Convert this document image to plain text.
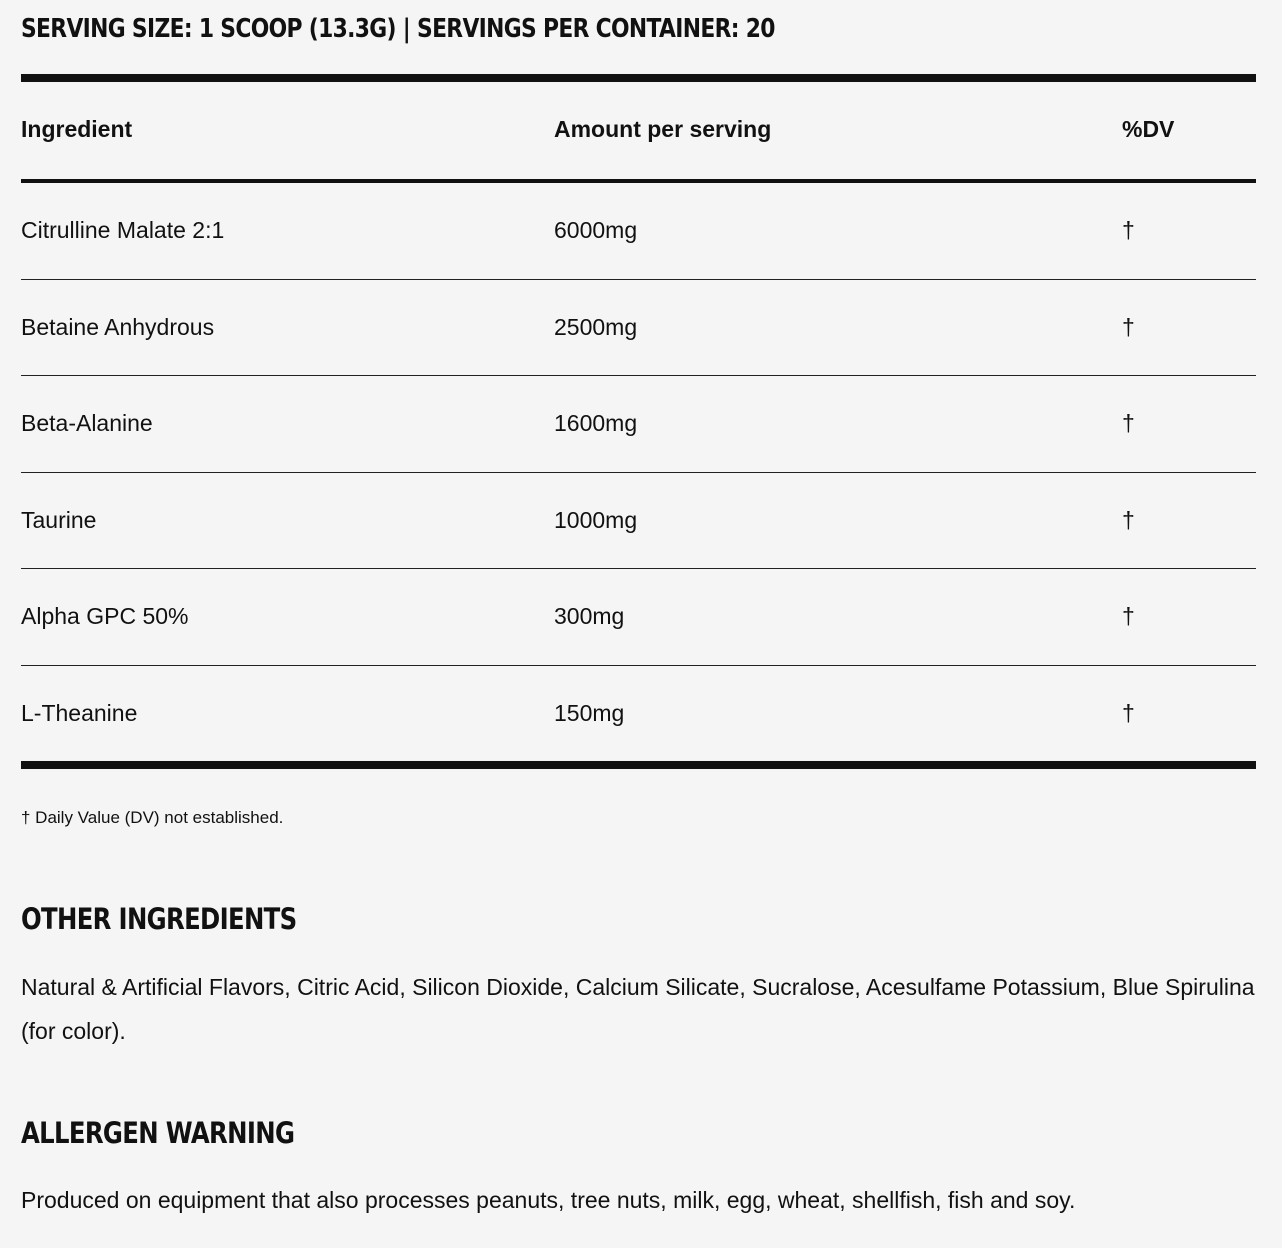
SERVING SIZE: 1 SCOOP (13.3G) | SERVINGS PER CONTAINER: 20
Ingredient	Amount per serving	%DV
Citrulline Malate 2:1	6000mg	†
Betaine Anhydrous	2500mg	†
Beta-Alanine	1600mg	†
Taurine	1000mg	†
Alpha GPC 50%	300mg	†
L-Theanine	150mg	†
† Daily Value (DV) not established.
OTHER INGREDIENTS
Natural & Artificial Flavors, Citric Acid, Silicon Dioxide, Calcium Silicate, Sucralose, Acesulfame Potassium, Blue Spirulina (for color).
ALLERGEN WARNING
Produced on equipment that also processes peanuts, tree nuts, milk, egg, wheat, shellfish, fish and soy.
